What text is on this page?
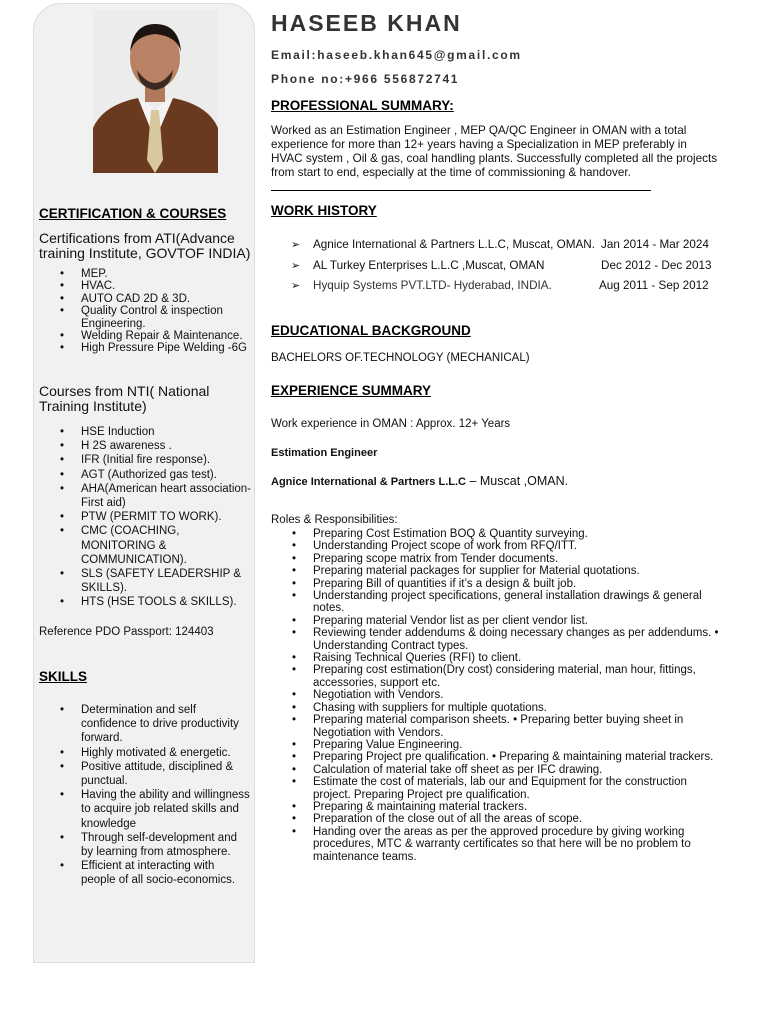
HASEEB KHAN
Email:haseeb.khan645@gmail.com
Phone no:+966 556872741
PROFESSIONAL SUMMARY:
Worked as an Estimation Engineer , MEP QA/QC Engineer in OMAN with a total
experience for more than 12+ years having a Specialization in MEP preferably in
HVAC system , Oil & gas, coal handling plants. Successfully completed all the projects
from start to end, especially at the time of commissioning & handover.
WORK HISTORY
➢ Agnice International & Partners L.L.C, Muscat, OMAN. Jan 2014 - Mar 2024
➢ AL Turkey Enterprises L.L.C ,Muscat, OMAN	Dec 2012 - Dec 2013
➢ Hyquip Systems PVT.LTD- Hyderabad, INDIA.	Aug 2011 - Sep 2012
EDUCATIONAL BACKGROUND
BACHELORS OF.TECHNOLOGY (MECHANICAL)
EXPERIENCE SUMMARY
Work experience in OMAN : Approx. 12+ Years
Estimation Engineer
Agnice International & Partners L.L.C – Muscat ,OMAN.
Roles & Responsibilities:
• Preparing Cost Estimation BOQ & Quantity surveying.
• Understanding Project scope of work from RFQ/ITT.
• Preparing scope matrix from Tender documents.
• Preparing material packages for supplier for Material quotations.
• Preparing Bill of quantities if it’s a design & built job.
• Understanding project specifications, general installation drawings & general notes.
• Preparing material Vendor list as per client vendor list.
• Reviewing tender addendums & doing necessary changes as per addendums. • Understanding Contract types.
• Raising Technical Queries (RFI) to client.
• Preparing cost estimation(Dry cost) considering material, man hour, fittings, accessories, support etc.
• Negotiation with Vendors.
• Chasing with suppliers for multiple quotations.
• Preparing material comparison sheets. • Preparing better buying sheet in Negotiation with Vendors.
• Preparing Value Engineering.
• Preparing Project pre qualification. • Preparing & maintaining material trackers.
• Calculation of material take off sheet as per IFC drawing.
• Estimate the cost of materials, lab our and Equipment for the construction project. Preparing Project pre qualification.
• Preparing & maintaining material trackers.
• Preparation of the close out of all the areas of scope.
• Handing over the areas as per the approved procedure by giving working procedures, MTC & warranty certificates so that here will be no problem to maintenance teams.
CERTIFICATION & COURSES
Certifications from ATI(Advance training Institute, GOVTOF INDIA)
• MEP.
• HVAC.
• AUTO CAD 2D & 3D.
• Quality Control & inspection Engineering.
• Welding Repair & Maintenance.
• High Pressure Pipe Welding -6G
Courses from NTI( National Training Institute)
• HSE Induction
• H 2S awareness .
• IFR (Initial fire response).
• AGT (Authorized gas test).
• AHA(American heart association-First aid)
• PTW (PERMIT TO WORK).
• CMC (COACHING, MONITORING & COMMUNICATION).
• SLS (SAFETY LEADERSHIP & SKILLS).
• HTS (HSE TOOLS & SKILLS).
Reference PDO Passport: 124403
SKILLS
• Determination and self confidence to drive productivity forward.
• Highly motivated & energetic.
• Positive attitude, disciplined & punctual.
• Having the ability and willingness to acquire job related skills and knowledge
• Through self-development and by learning from atmosphere.
• Efficient at interacting with people of all socio-economics.
